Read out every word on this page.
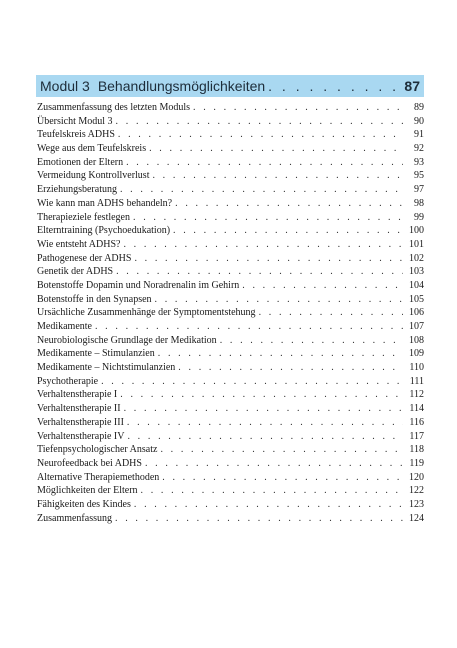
Modul 3 Behandlungsmöglichkeiten . . .	87
Zusammenfassung des letzten Moduls . . .	89
Übersicht Modul 3 . . .	90
Teufelskreis ADHS . . .	91
Wege aus dem Teufelskreis . . .	92
Emotionen der Eltern . . .	93
Vermeidung Kontrollverlust . . .	95
Erziehungsberatung . . .	97
Wie kann man ADHS behandeln? . . .	98
Therapieziele festlegen . . .	99
Elterntraining (Psychoedukation) . . .	100
Wie entsteht ADHS? . . .	101
Pathogenese der ADHS . . .	102
Genetik der ADHS . . .	103
Botenstoffe Dopamin und Noradrenalin im Gehirn . . .	104
Botenstoffe in den Synapsen . . .	105
Ursächliche Zusammenhänge der Symptomentstehung . . .	106
Medikamente . . .	107
Neurobiologische Grundlage der Medikation . . .	108
Medikamente – Stimulanzien . . .	109
Medikamente – Nichtstimulanzien . . .	110
Psychotherapie . . .	111
Verhaltenstherapie I . . .	112
Verhaltenstherapie II . . .	114
Verhaltenstherapie III . . .	116
Verhaltenstherapie IV . . .	117
Tiefenpsychologischer Ansatz . . .	118
Neurofeedback bei ADHS . . .	119
Alternative Therapiemethoden . . .	120
Möglichkeiten der Eltern . . .	122
Fähigkeiten des Kindes . . .	123
Zusammenfassung . . .	124
